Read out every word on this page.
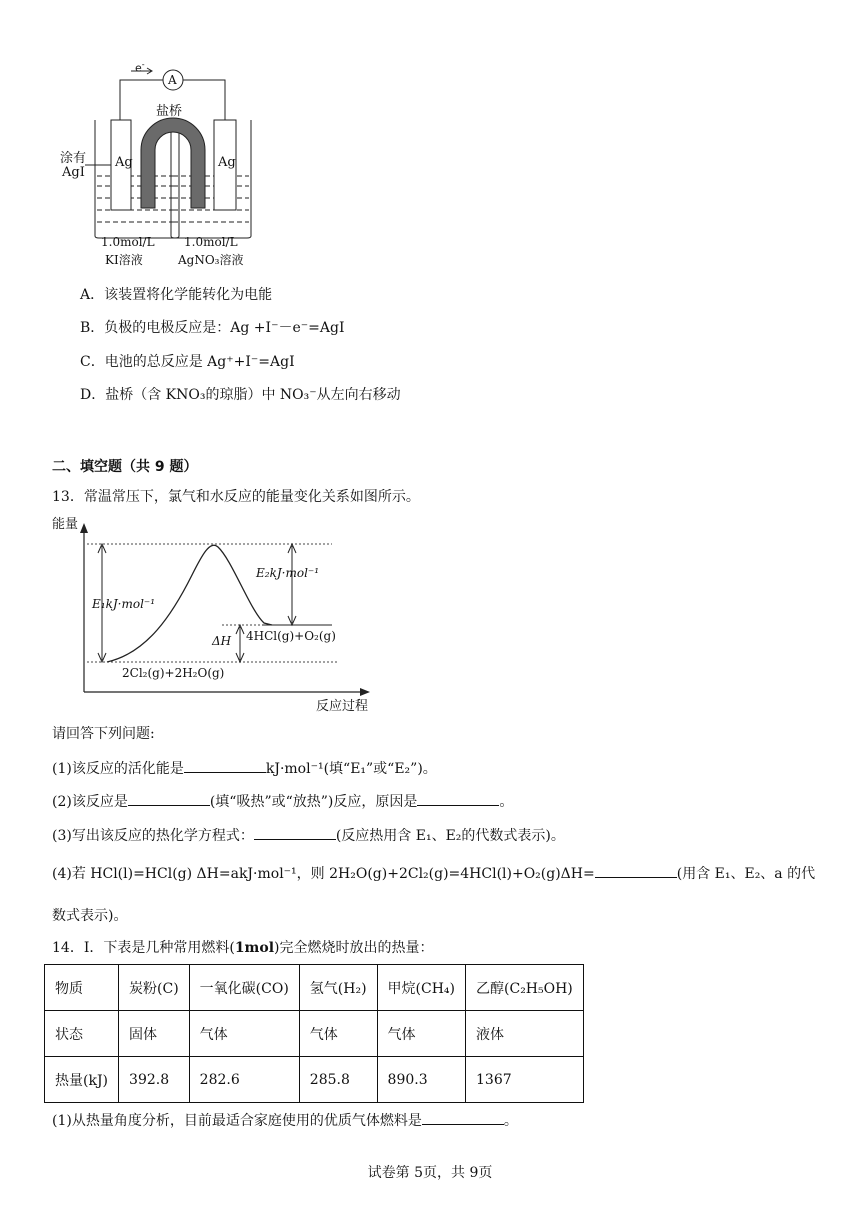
e-
A
盐桥
涂有
AgI
Ag	Ag
1.0mol/L
KI溶液
1.0mol/L
AgNO₃溶液
A．该装置将化学能转化为电能
B．负极的电极反应是：Ag +I⁻－e⁻=AgI
C．电池的总反应是 Ag⁺+I⁻=AgI
D．盐桥（含 KNO₃的琼脂）中 NO₃⁻从左向右移动
二、填空题（共 9 题）
13．常温常压下，氯气和水反应的能量变化关系如图所示。
能量
反应过程
E₁kJ·mol⁻¹
E₂kJ·mol⁻¹
ΔH 4HCl(g)+O₂(g)
2Cl₂(g)+2H₂O(g)
请回答下列问题:
(1)该反应的活化能是	kJ·mol⁻¹(填“E₁”或“E₂”)。
(2)该反应是	(填“吸热”或“放热”)反应，原因是	。
(3)写出该反应的热化学方程式：	(反应热用含 E₁、E₂的代数式表示)。
(4)若 HCl(l)=HCl(g) ΔH=akJ·mol⁻¹，则 2H₂O(g)+2Cl₂(g)=4HCl(l)+O₂(g)ΔH=	(用含 E₁、E₂、a 的代
数式表示)。
14．I．下表是几种常用燃料(1mol)完全燃烧时放出的热量：
物质	炭粉(C)	一氧化碳(CO)	氢气(H₂)	甲烷(CH₄)	乙醇(C₂H₅OH)
状态	固体	气体	气体	气体	液体
热量(kJ)	392.8	282.6	285.8	890.3	1367
(1)从热量角度分析，目前最适合家庭使用的优质气体燃料是	。
试卷第 5页，共 9页
